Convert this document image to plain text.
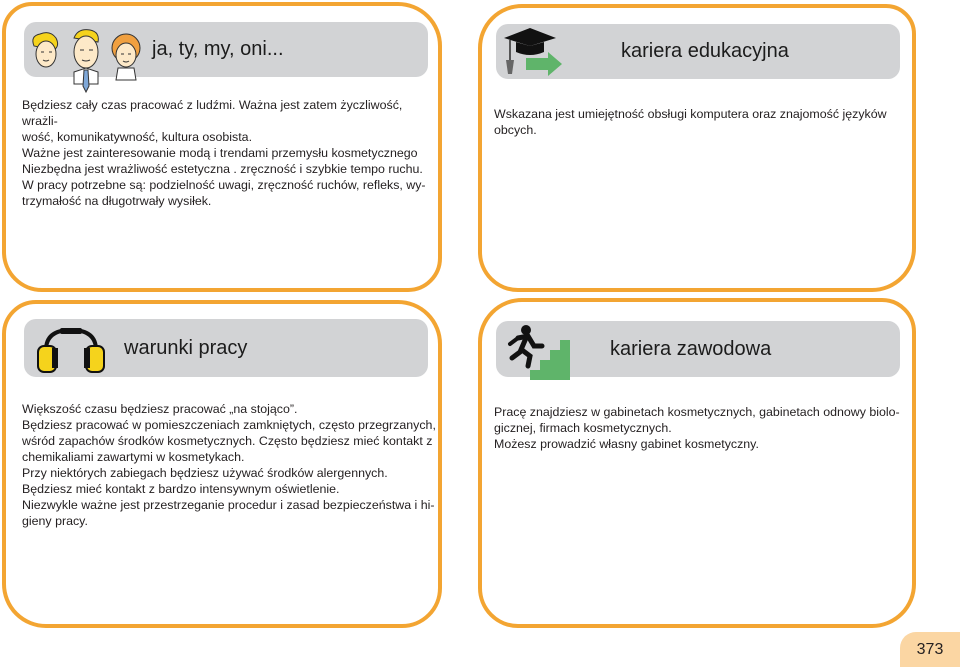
ja, ty, my, oni...

Będziesz cały czas pracować z ludźmi. Ważna jest zatem życzliwość, wrażli-

wość, komunikatywność, kultura osobista.

Ważne jest zainteresowanie modą i trendami przemysłu kosmetycznego

Niezbędna jest wrażliwość estetyczna . zręczność i szybkie tempo ruchu.

W pracy potrzebne są: podzielność uwagi, zręczność ruchów, refleks, wy-

trzymałość na długotrwały wysiłek.

kariera edukacyjna

Wskazana jest umiejętność obsługi komputera oraz znajomość języków

obcych.

warunki pracy

Większość czasu będziesz pracować „na stojąco”.

Będziesz pracować w pomieszczeniach zamkniętych, często przegrzanych,

wśród zapachów środków kosmetycznych. Często będziesz mieć kontakt z

chemikaliami zawartymi w kosmetykach.

Przy niektórych zabiegach będziesz używać środków alergennych.

Będziesz mieć kontakt z bardzo intensywnym oświetlenie.

Niezwykle ważne jest przestrzeganie procedur i zasad bezpieczeństwa i hi-

gieny pracy.

kariera zawodowa

Pracę znajdziesz w gabinetach kosmetycznych, gabinetach odnowy biolo-

gicznej, firmach kosmetycznych.

Możesz prowadzić własny gabinet kosmetyczny.

373
